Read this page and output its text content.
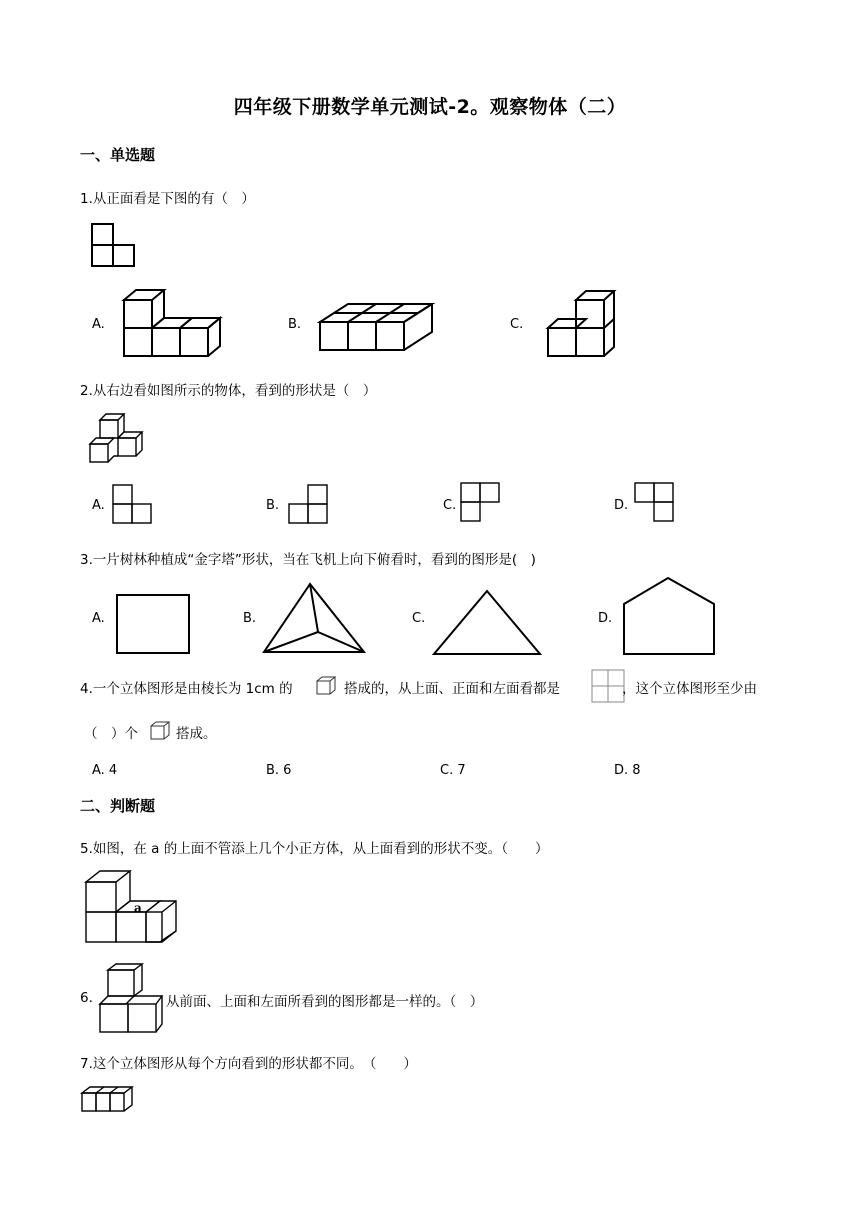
四年级下册数学单元测试-2。观察物体（二）
一、单选题
1.从正面看是下图的有（　）
A.	B.	C.
2.从右边看如图所示的物体，看到的形状是（　）
A.	B.	C.	D.
3.一片树林种植成“金字塔”形状，当在飞机上向下俯看时，看到的图形是(　)
A.	B.	C.	D.
4.一个立体图形是由棱长为 1cm 的	搭成的，从上面、正面和左面看都是	，这个立体图形至少由
（　）个	搭成。
A. 4	B. 6	C. 7	D. 8
二、判断题
5.如图，在 a 的上面不管添上几个小正方体，从上面看到的形状不变。（　　）
a
6.	从前面、上面和左面所看到的图形都是一样的。（　）
7.这个立体图形从每个方向看到的形状都不同。　（　　）
